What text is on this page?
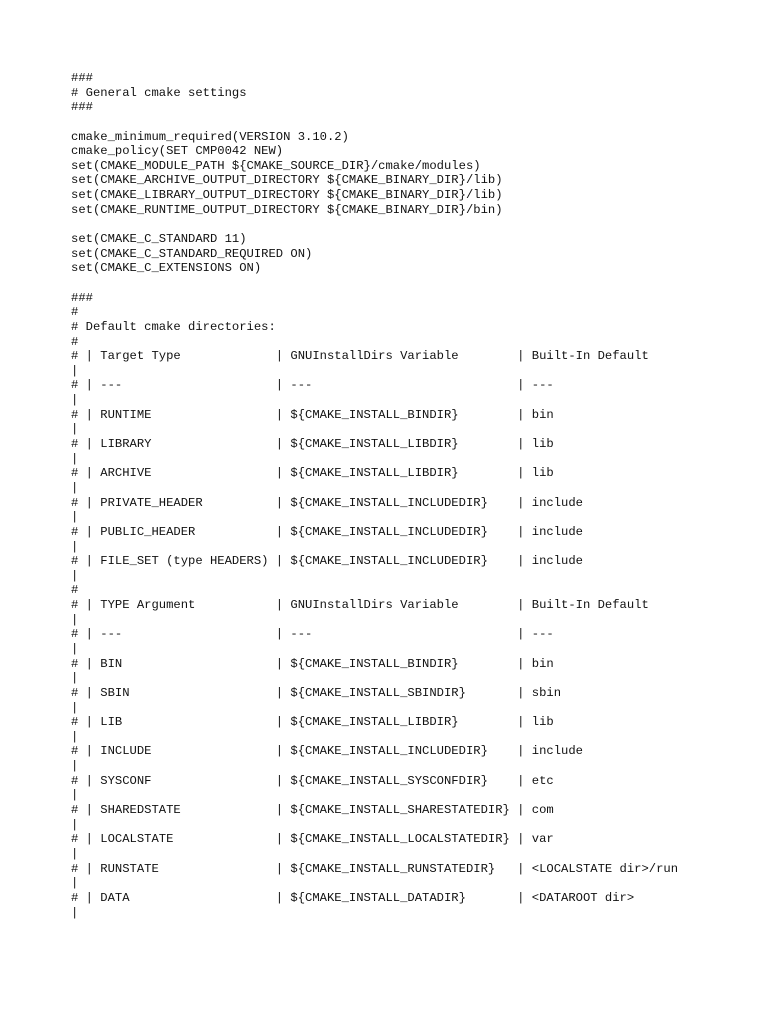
###
# General cmake settings
###
cmake_minimum_required(VERSION 3.10.2)
cmake_policy(SET CMP0042 NEW)
set(CMAKE_MODULE_PATH ${CMAKE_SOURCE_DIR}/cmake/modules)
set(CMAKE_ARCHIVE_OUTPUT_DIRECTORY ${CMAKE_BINARY_DIR}/lib)
set(CMAKE_LIBRARY_OUTPUT_DIRECTORY ${CMAKE_BINARY_DIR}/lib)
set(CMAKE_RUNTIME_OUTPUT_DIRECTORY ${CMAKE_BINARY_DIR}/bin)
set(CMAKE_C_STANDARD 11)
set(CMAKE_C_STANDARD_REQUIRED ON)
set(CMAKE_C_EXTENSIONS ON)
###
#
# Default cmake directories:
#
# | Target Type             | GNUInstallDirs Variable        | Built-In Default
|
# | ---                     | ---                            | ---
|
# | RUNTIME                 | ${CMAKE_INSTALL_BINDIR}        | bin
|
# | LIBRARY                 | ${CMAKE_INSTALL_LIBDIR}        | lib
|
# | ARCHIVE                 | ${CMAKE_INSTALL_LIBDIR}        | lib
|
# | PRIVATE_HEADER          | ${CMAKE_INSTALL_INCLUDEDIR}    | include
|
# | PUBLIC_HEADER           | ${CMAKE_INSTALL_INCLUDEDIR}    | include
|
# | FILE_SET (type HEADERS) | ${CMAKE_INSTALL_INCLUDEDIR}    | include
|
#
# | TYPE Argument           | GNUInstallDirs Variable        | Built-In Default
|
# | ---                     | ---                            | ---
|
# | BIN                     | ${CMAKE_INSTALL_BINDIR}        | bin
|
# | SBIN                    | ${CMAKE_INSTALL_SBINDIR}       | sbin
|
# | LIB                     | ${CMAKE_INSTALL_LIBDIR}        | lib
|
# | INCLUDE                 | ${CMAKE_INSTALL_INCLUDEDIR}    | include
|
# | SYSCONF                 | ${CMAKE_INSTALL_SYSCONFDIR}    | etc
|
# | SHAREDSTATE             | ${CMAKE_INSTALL_SHARESTATEDIR} | com
|
# | LOCALSTATE              | ${CMAKE_INSTALL_LOCALSTATEDIR} | var
|
# | RUNSTATE                | ${CMAKE_INSTALL_RUNSTATEDIR}   | <LOCALSTATE dir>/run
|
# | DATA                    | ${CMAKE_INSTALL_DATADIR}       | <DATAROOT dir>
|
